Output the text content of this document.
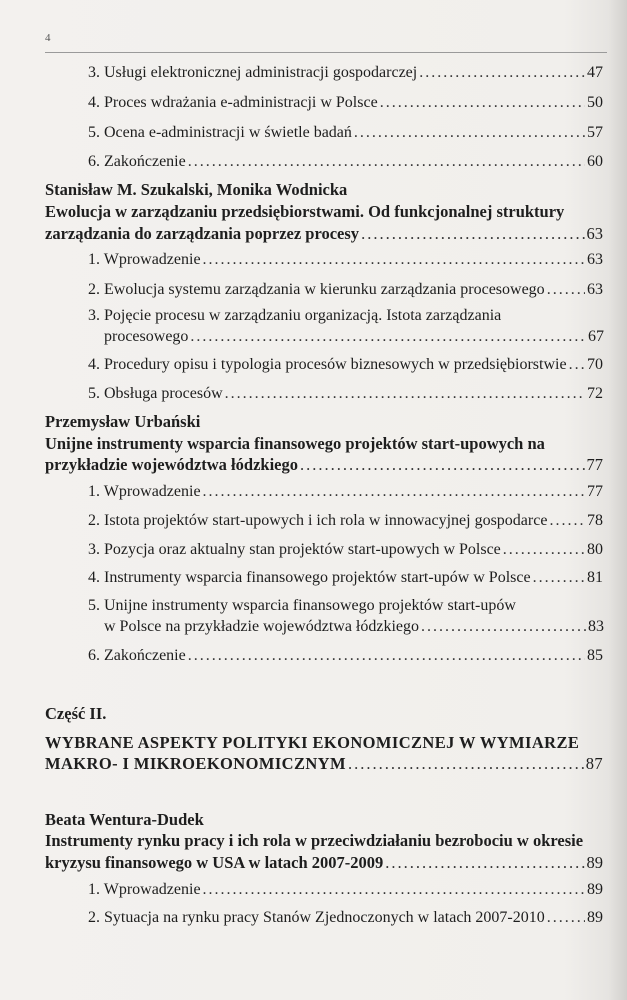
4
3. Usługi elektronicznej administracji gospodarczej .....	47
4. Proces wdrażania e-administracji w Polsce .....	50
5. Ocena e-administracji w świetle badań .....	57
6. Zakończenie .....	60
Stanisław M. Szukalski, Monika Wodnicka
Ewolucja w zarządzaniu przedsiębiorstwami. Od funkcjonalnej struktury
zarządzania do zarządzania poprzez procesy .....	63
1. Wprowadzenie .....	63
2. Ewolucja systemu zarządzania w kierunku zarządzania procesowego .....	63
3. Pojęcie procesu w zarządzaniu organizacją. Istota zarządzania
procesowego .....	67
4. Procedury opisu i typologia procesów biznesowych w przedsiębiorstwie ..... 70
5. Obsługa procesów .....	72
Przemysław Urbański
Unijne instrumenty wsparcia finansowego projektów start-upowych na
przykładzie województwa łódzkiego .....	77
1. Wprowadzenie .....	77
2. Istota projektów start-upowych i ich rola w innowacyjnej gospodarce ..... 78
3. Pozycja oraz aktualny stan projektów start-upowych w Polsce .....	80
4. Instrumenty wsparcia finansowego projektów start-upów w Polsce .....	81
5. Unijne instrumenty wsparcia finansowego projektów start-upów
w Polsce na przykładzie województwa łódzkiego .....	83
6. Zakończenie .....	85
Część II.
WYBRANE ASPEKTY POLITYKI EKONOMICZNEJ W WYMIARZE
MAKRO- I MIKROEKONOMICZNYM .....	87
Beata Wentura-Dudek
Instrumenty rynku pracy i ich rola w przeciwdziałaniu bezrobociu w okresie
kryzysu finansowego w USA w latach 2007-2009 .....	89
1. Wprowadzenie .....	89
2. Sytuacja na rynku pracy Stanów Zjednoczonych w latach 2007-2010 .....	89
